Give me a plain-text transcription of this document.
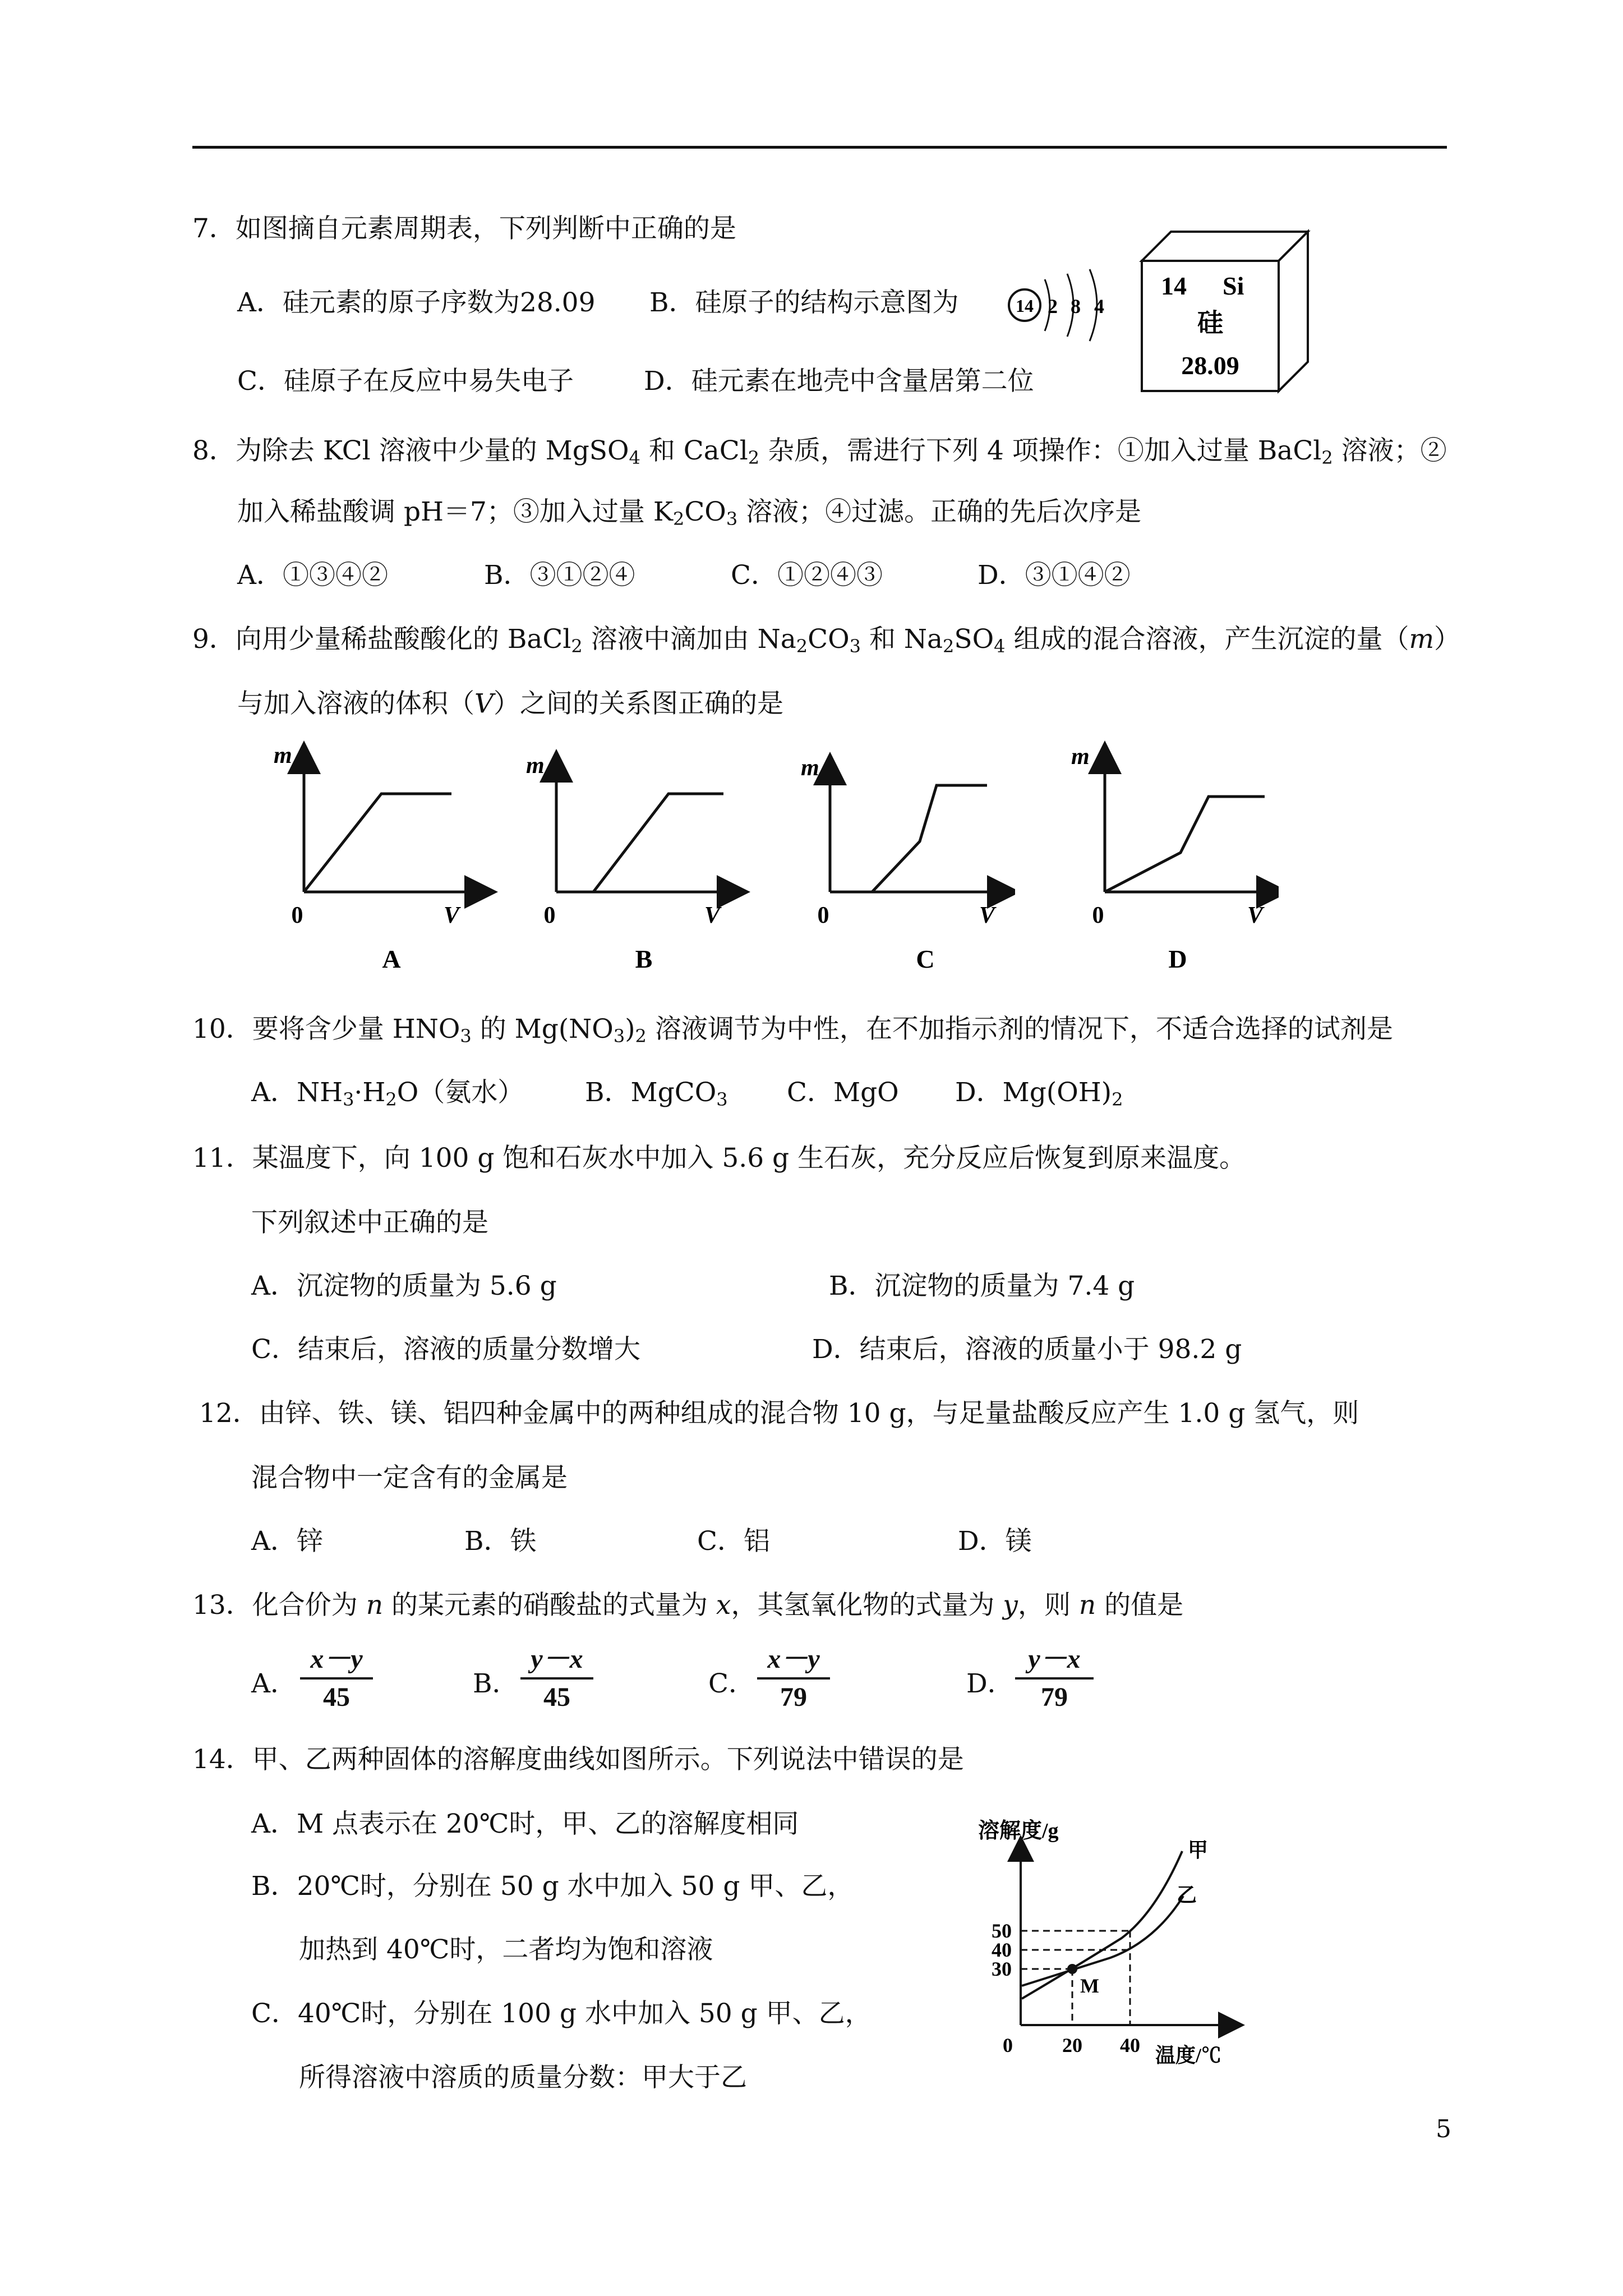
7．如图摘自元素周期表，下列判断中正确的是
A．硅元素的原子序数为28.09 B．硅原子的结构示意图为	14 2 8 4
14 Si
硅
28.09
C．硅原子在反应中易失电子	D．硅元素在地壳中含量居第二位
8．为除去 KCl 溶液中少量的 MgSO$_4$ 和 CaCl$_2$ 杂质，需进行下列 4 项操作：①加入过量 BaCl$_2$ 溶液；②
加入稀盐酸调 pH＝7；③加入过量 $K_2CO_3$ 溶液；④过滤。正确的先后次序是
A．①③④②	B．③①②④	C．①②④③	D．③①④②
9．向用少量稀盐酸酸化的 BaCl$_2$ 溶液中滴加由 $Na_2CO_3$ 和 $Na_2SO_4$ 组成的混合溶液，产生沉淀的量（m）
与加入溶液的体积（V）之间的关系图正确的是
m
0	V
A
m
0	V
B
m
0	V
C
m
0	V
D
10．要将含少量 $HNO_3$ 的 $Mg(NO_3)_2$ 溶液调节为中性，在不加指示剂的情况下，不适合选择的试剂是
A．$NH_3\cdot H_2O$（氨水） B．MgCO$_3$ C．MgO D．$Mg(OH)_2$
11．某温度下，向 100 g 饱和石灰水中加入 5.6 g 生石灰，充分反应后恢复到原来温度。
下列叙述中正确的是
A．沉淀物的质量为 5.6 g	B．沉淀物的质量为 7.4 g
C．结束后，溶液的质量分数增大	D．结束后，溶液的质量小于 98.2 g
12．由锌、铁、镁、铝四种金属中的两种组成的混合物 10 g，与足量盐酸反应产生 1.0 g 氢气，则
混合物中一定含有的金属是
A．锌	B．铁	C．铝	D．镁
13．化合价为 n 的某元素的硝酸盐的式量为 x，其氢氧化物的式量为 y，则 n 的值是
A．
x－y
45	B．
y－x
45	C．
x－y
79	D．
y－x
79
14．甲、乙两种固体的溶解度曲线如图所示。下列说法中错误的是
A．M 点表示在 20℃时，甲、乙的溶解度相同
B．20℃时，分别在 50 g 水中加入 50 g 甲、乙，
加热到 40℃时，二者均为饱和溶液
C．40℃时，分别在 100 g 水中加入 50 g 甲、乙，
所得溶液中溶质的质量分数：甲大于乙
溶解度/g
M
甲
乙
50
40
30
0 20 40 温度/℃
5
